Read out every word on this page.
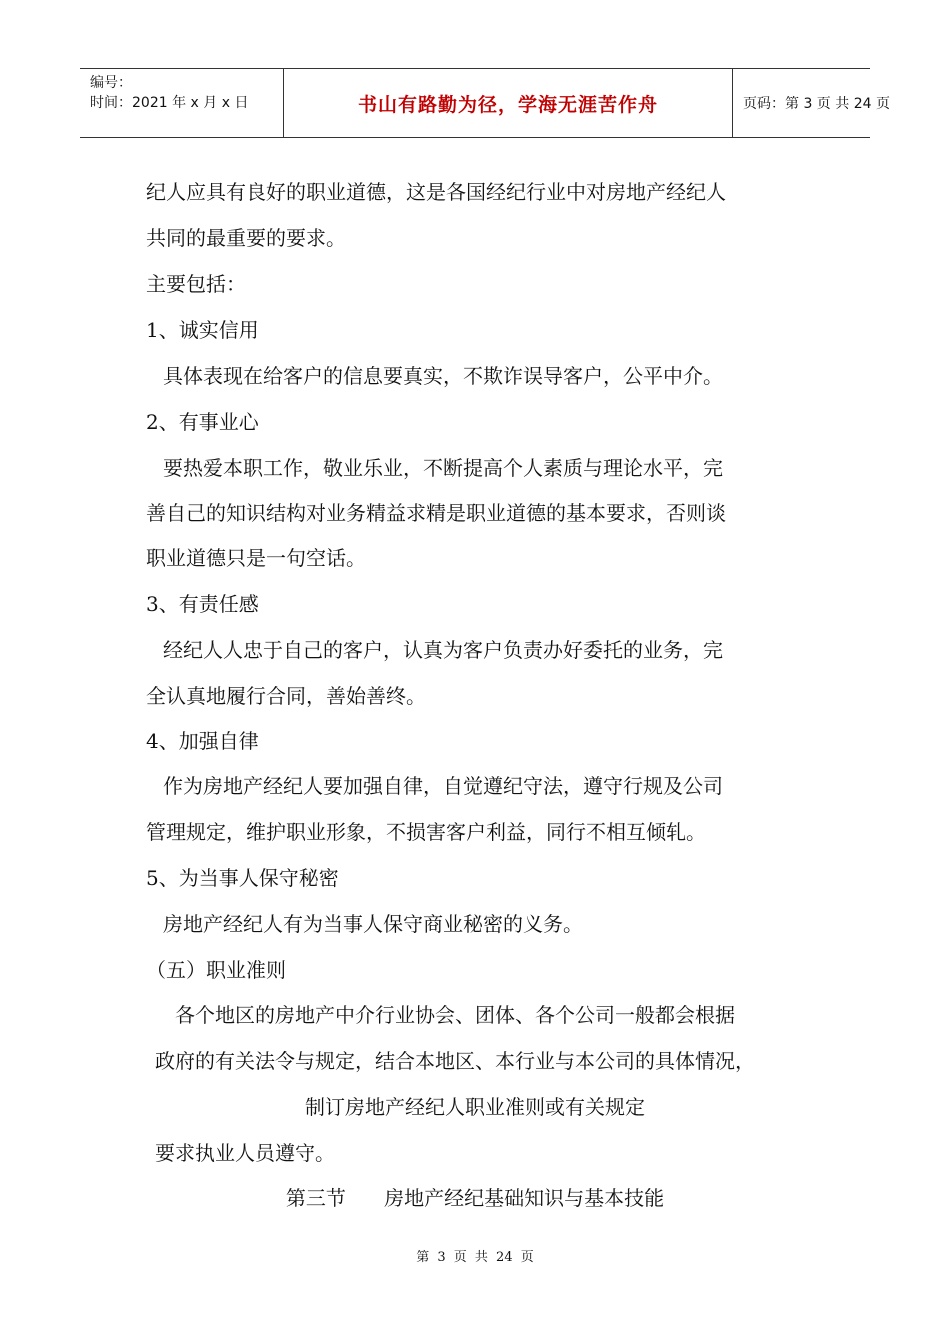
编号：
时间：2021 年 x 月 x 日	书山有路勤为径，学海无涯苦作舟	页码：第 3 页 共 24 页
纪人应具有良好的职业道德，这是各国经纪行业中对房地产经纪人
共同的最重要的要求。
主要包括：
1、诚实信用
具体表现在给客户的信息要真实，不欺诈误导客户，公平中介。
2、有事业心
要热爱本职工作，敬业乐业，不断提高个人素质与理论水平，完
善自己的知识结构对业务精益求精是职业道德的基本要求，否则谈
职业道德只是一句空话。
3、有责任感
经纪人人忠于自己的客户，认真为客户负责办好委托的业务，完
全认真地履行合同，善始善终。
4、加强自律
作为房地产经纪人要加强自律，自觉遵纪守法，遵守行规及公司
管理规定，维护职业形象，不损害客户利益，同行不相互倾轧。
5、为当事人保守秘密
房地产经纪人有为当事人保守商业秘密的义务。
（五）职业准则
各个地区的房地产中介行业协会、团体、各个公司一般都会根据
政府的有关法令与规定，结合本地区、本行业与本公司的具体情况，
制订房地产经纪人职业准则或有关规定
要求执业人员遵守。
第三节      房地产经纪基础知识与基本技能
第 3 页 共 24 页
